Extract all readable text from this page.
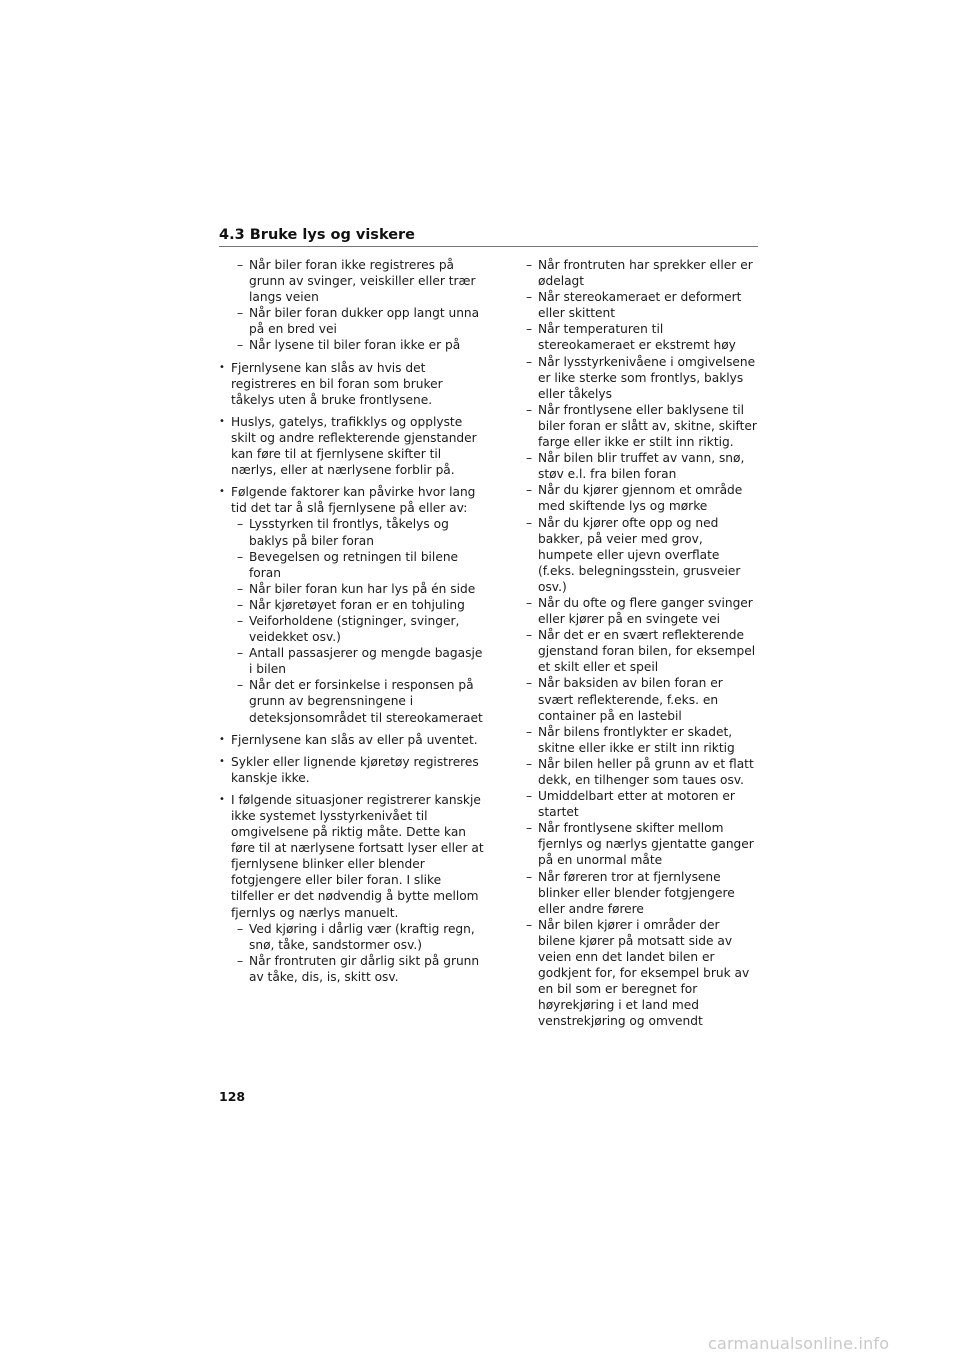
4.3 Bruke lys og viskere
– Når biler foran ikke registreres på grunn av svinger, veiskiller eller trær langs veien
– Når biler foran dukker opp langt unna på en bred vei
– Når lysene til biler foran ikke er på
• Fjernlysene kan slås av hvis det registreres en bil foran som bruker tåkelys uten å bruke frontlysene.
• Huslys, gatelys, trafikklys og opplyste skilt og andre reflekterende gjenstander kan føre til at fjernlysene skifter til nærlys, eller at nærlysene forblir på.
• Følgende faktorer kan påvirke hvor lang tid det tar å slå fjernlysene på eller av:
– Lysstyrken til frontlys, tåkelys og baklys på biler foran
– Bevegelsen og retningen til bilene foran
– Når biler foran kun har lys på én side
– Når kjøretøyet foran er en tohjuling
– Veiforholdene (stigninger, svinger, veidekket osv.)
– Antall passasjerer og mengde bagasje i bilen
– Når det er forsinkelse i responsen på grunn av begrensningene i deteksjonsområdet til stereokameraet
• Fjernlysene kan slås av eller på uventet.
• Sykler eller lignende kjøretøy registreres kanskje ikke.
• I følgende situasjoner registrerer kanskje ikke systemet lysstyrkenivået til omgivelsene på riktig måte. Dette kan føre til at nærlysene fortsatt lyser eller at fjernlysene blinker eller blender fotgjengere eller biler foran. I slike tilfeller er det nødvendig å bytte mellom fjernlys og nærlys manuelt.
– Ved kjøring i dårlig vær (kraftig regn, snø, tåke, sandstormer osv.)
– Når frontruten gir dårlig sikt på grunn av tåke, dis, is, skitt osv.
– Når frontruten har sprekker eller er ødelagt
– Når stereokameraet er deformert eller skittent
– Når temperaturen til stereokameraet er ekstremt høy
– Når lysstyrkenivåene i omgivelsene er like sterke som frontlys, baklys eller tåkelys
– Når frontlysene eller baklysene til biler foran er slått av, skitne, skifter farge eller ikke er stilt inn riktig.
– Når bilen blir truffet av vann, snø, støv e.l. fra bilen foran
– Når du kjører gjennom et område med skiftende lys og mørke
– Når du kjører ofte opp og ned bakker, på veier med grov, humpete eller ujevn overflate (f.eks. belegningsstein, grusveier osv.)
– Når du ofte og flere ganger svinger eller kjører på en svingete vei
– Når det er en svært reflekterende gjenstand foran bilen, for eksempel et skilt eller et speil
– Når baksiden av bilen foran er svært reflekterende, f.eks. en container på en lastebil
– Når bilens frontlykter er skadet, skitne eller ikke er stilt inn riktig
– Når bilen heller på grunn av et flatt dekk, en tilhenger som taues osv.
– Umiddelbart etter at motoren er startet
– Når frontlysene skifter mellom fjernlys og nærlys gjentatte ganger på en unormal måte
– Når føreren tror at fjernlysene blinker eller blender fotgjengere eller andre førere
– Når bilen kjører i områder der bilene kjører på motsatt side av veien enn det landet bilen er godkjent for, for eksempel bruk av en bil som er beregnet for høyrekjøring i et land med venstrekjøring og omvendt
128
carmanualsonline.info
